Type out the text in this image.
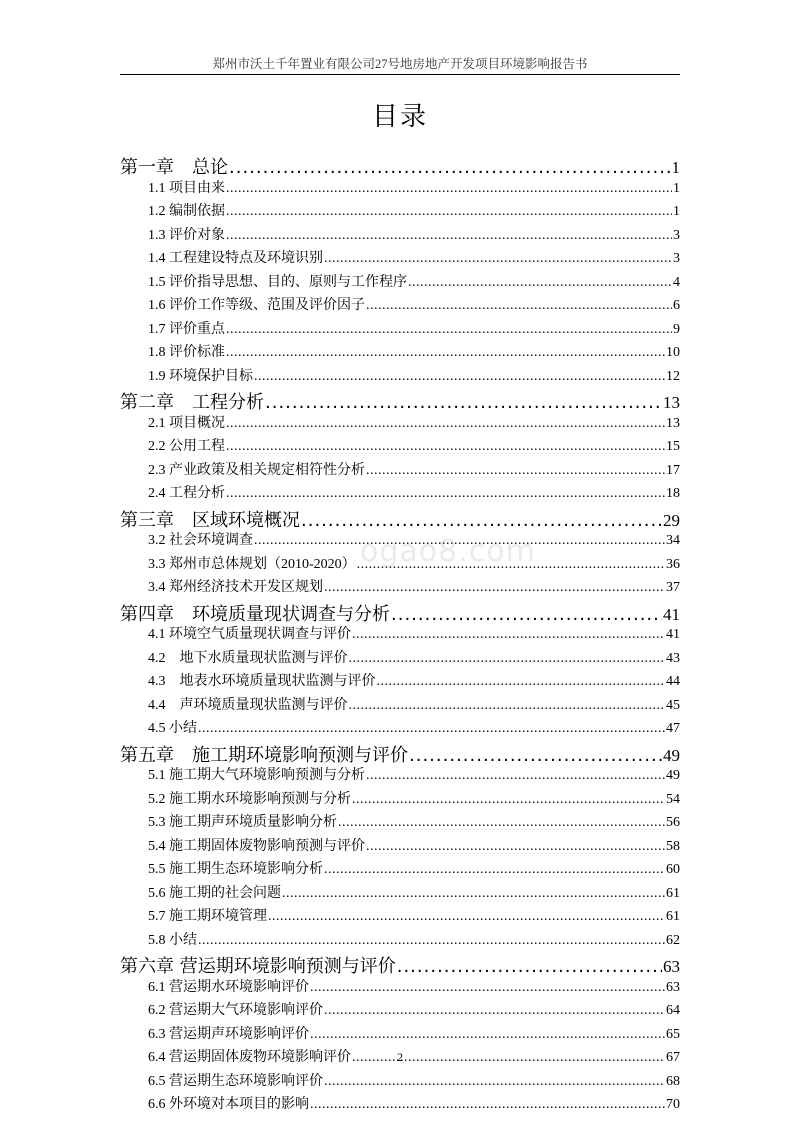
郑州市沃土千年置业有限公司27号地房地产开发项目环境影响报告书
目录
第一章　总论 .....	1
1.1 项目由来 .....	1
1.2 编制依据 .....	1
1.3 评价对象 .....	3
1.4 工程建设特点及环境识别 .....	3
1.5 评价指导思想、目的、原则与工作程序 .....	4
1.6 评价工作等级、范围及评价因子 .....	6
1.7 评价重点 .....	9
1.8 评价标准 .....	10
1.9 环境保护目标 .....	12
第二章　工程分析 .....	13
2.1 项目概况 .....	13
2.2 公用工程 .....	15
2.3 产业政策及相关规定相符性分析 .....	17
2.4 工程分析 .....	18
第三章　区域环境概况 .....	29
3.2 社会环境调查 .....	34
3.3 郑州市总体规划（2010-2020） .....	36
3.4 郑州经济技术开发区规划 .....	37
第四章　环境质量现状调查与分析 .....	41
4.1 环境空气质量现状调查与评价 .....	41
4.2　地下水质量现状监测与评价 .....	43
4.3　地表水环境质量现状监测与评价 .....	44
4.4　声环境质量现状监测与评价 .....	45
4.5 小结 .....	47
第五章　施工期环境影响预测与评价 .....	49
5.1 施工期大气环境影响预测与分析 .....	49
5.2 施工期水环境影响预测与分析 .....	54
5.3 施工期声环境质量影响分析 .....	56
5.4 施工期固体废物影响预测与评价 .....	58
5.5 施工期生态环境影响分析 .....	60
5.6 施工期的社会问题 .....	61
5.7 施工期环境管理 .....	61
5.8 小结 .....	62
第六章 营运期环境影响预测与评价 .....	63
6.1 营运期水环境影响评价 .....	63
6.2 营运期大气环境影响评价 .....	64
6.3 营运期声环境影响评价 .....	65
6.4 营运期固体废物环境影响评价 .....	67
6.5 营运期生态环境影响评价 .....	68
6.6 外环境对本项目的影响 .....	70
ogao8.com
2
